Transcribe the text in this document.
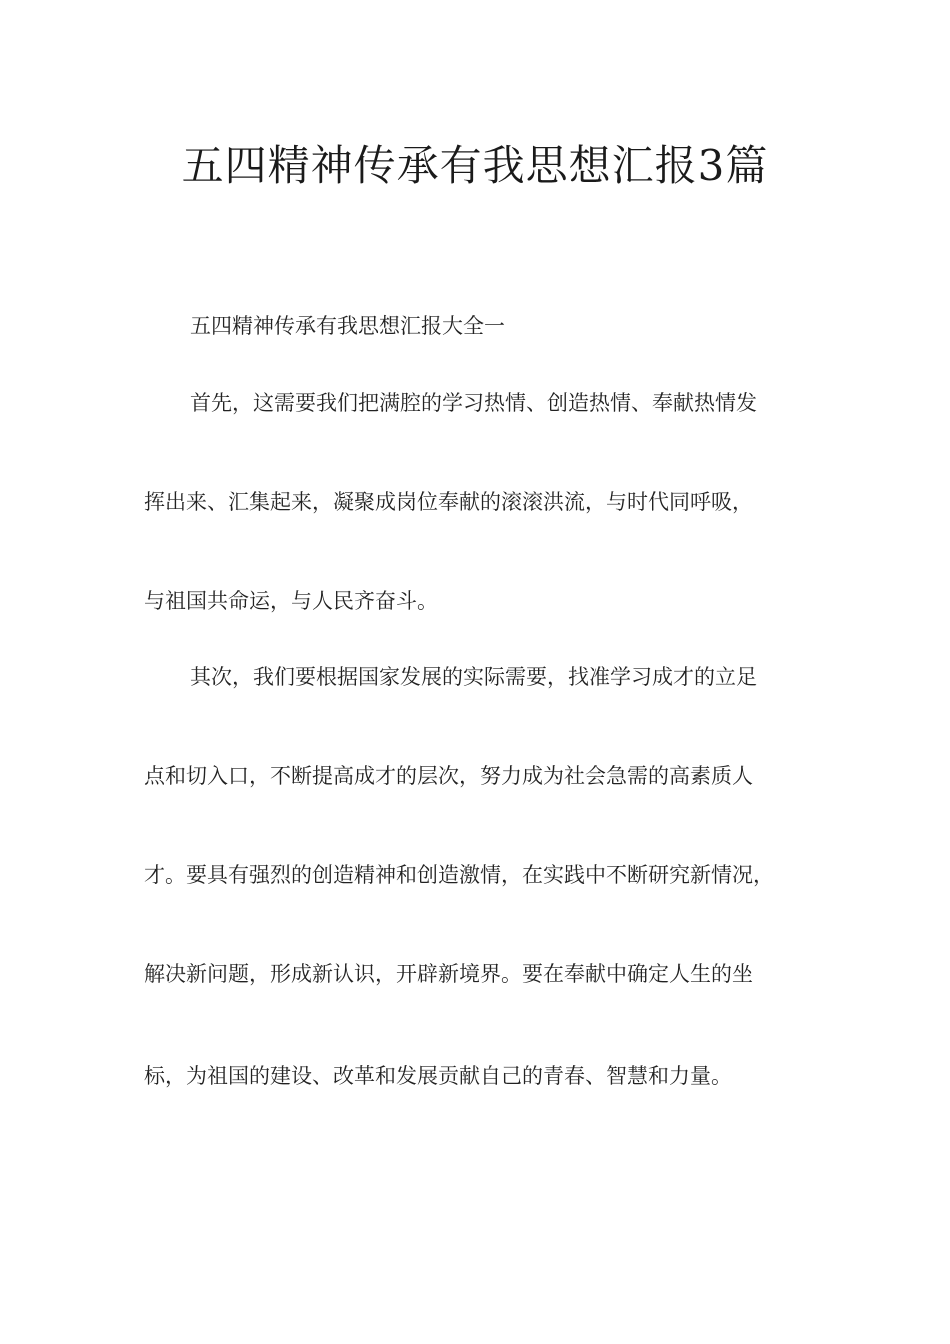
五四精神传承有我思想汇报3篇

五四精神传承有我思想汇报大全一

首先，这需要我们把满腔的学习热情、创造热情、奉献热情发

挥出来、汇集起来，凝聚成岗位奉献的滚滚洪流，与时代同呼吸，

与祖国共命运，与人民齐奋斗。

其次，我们要根据国家发展的实际需要，找准学习成才的立足

点和切入口，不断提高成才的层次，努力成为社会急需的高素质人

才。要具有强烈的创造精神和创造激情，在实践中不断研究新情况，

解决新问题，形成新认识，开辟新境界。要在奉献中确定人生的坐

标，为祖国的建设、改革和发展贡献自己的青春、智慧和力量。
